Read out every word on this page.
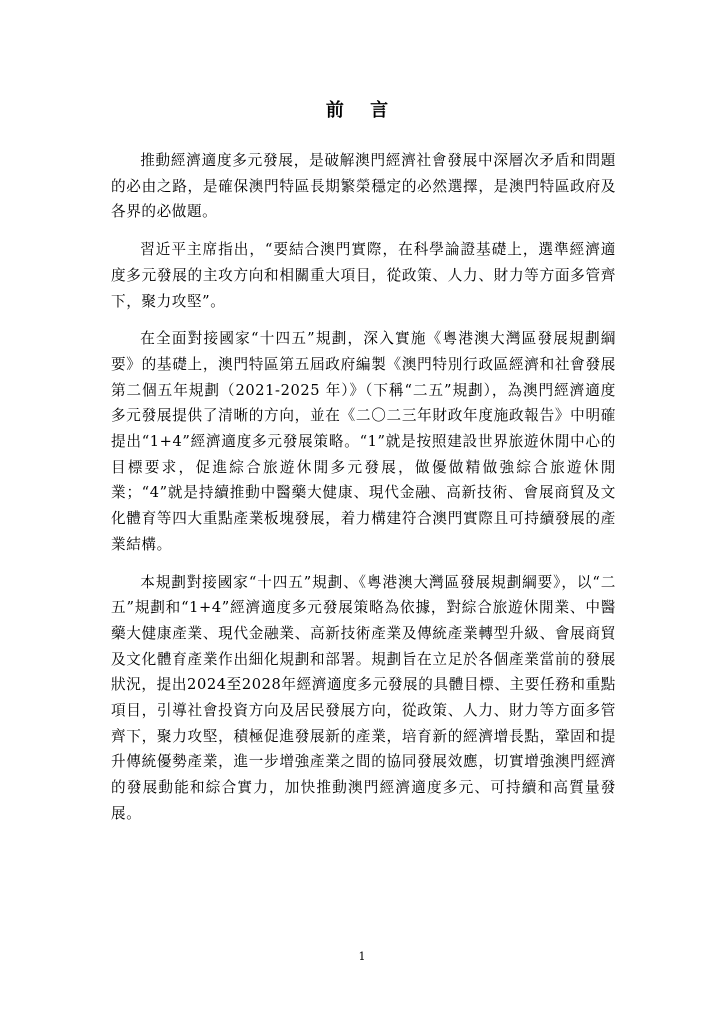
前 言

推動經濟適度多元發展，是破解澳門經濟社會發展中深層次矛盾和問題的必由之路，是確保澳門特區長期繁榮穩定的必然選擇，是澳門特區政府及各界的必做題。

習近平主席指出，“要結合澳門實際，在科學論證基礎上，選準經濟適度多元發展的主攻方向和相關重大項目，從政策、人力、財力等方面多管齊下，聚力攻堅”。

在全面對接國家“十四五”規劃，深入實施《粵港澳大灣區發展規劃綱要》的基礎上，澳門特區第五屆政府編製《澳門特別行政區經濟和社會發展第二個五年規劃（2021-2025 年）》（下稱“二五”規劃），為澳門經濟適度多元發展提供了清晰的方向，並在《二〇二三年財政年度施政報告》中明確提出“1+4”經濟適度多元發展策略。“1”就是按照建設世界旅遊休閒中心的目標要求，促進綜合旅遊休閒多元發展，做優做精做強綜合旅遊休閒業；“4”就是持續推動中醫藥大健康、現代金融、高新技術、會展商貿及文化體育等四大重點產業板塊發展，着力構建符合澳門實際且可持續發展的產業結構。

本規劃對接國家“十四五”規劃、《粵港澳大灣區發展規劃綱要》，以“二五”規劃和“1+4”經濟適度多元發展策略為依據，對綜合旅遊休閒業、中醫藥大健康產業、現代金融業、高新技術產業及傳統產業轉型升級、會展商貿及文化體育產業作出細化規劃和部署。規劃旨在立足於各個產業當前的發展狀況，提出2024至2028年經濟適度多元發展的具體目標、主要任務和重點項目，引導社會投資方向及居民發展方向，從政策、人力、財力等方面多管齊下，聚力攻堅，積極促進發展新的產業，培育新的經濟增長點，鞏固和提升傳統優勢產業，進一步增強產業之間的協同發展效應，切實增強澳門經濟的發展動能和綜合實力，加快推動澳門經濟適度多元、可持續和高質量發展。

1
